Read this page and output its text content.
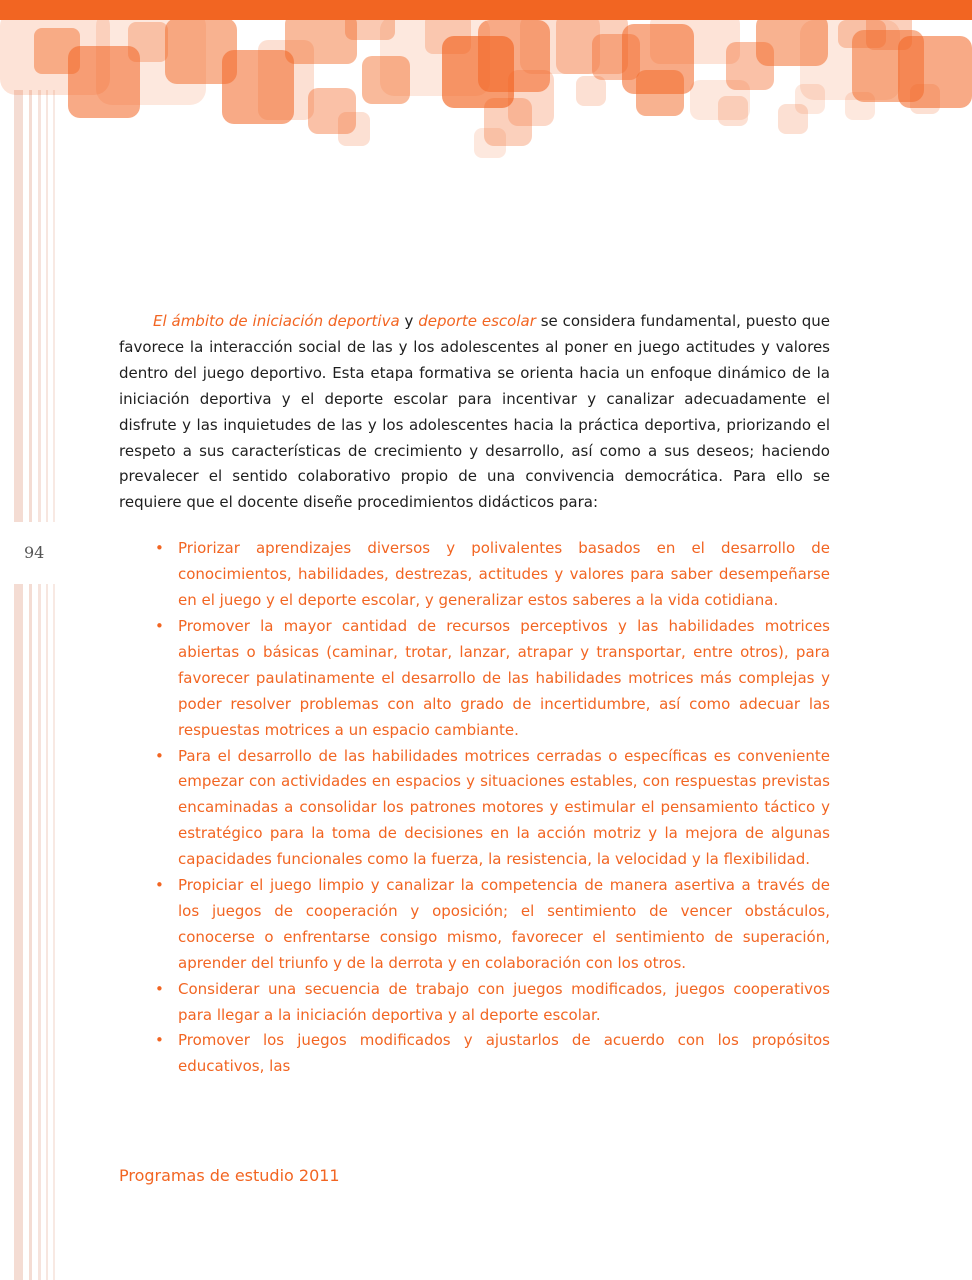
94

El ámbito de iniciación deportiva y deporte escolar se considera fundamental, puesto que favorece la interacción social de las y los adolescentes al poner en juego actitudes y valores dentro del juego deportivo. Esta etapa formativa se orienta hacia un enfoque dinámico de la iniciación deportiva y el deporte escolar para incentivar y canalizar adecuadamente el disfrute y las inquietudes de las y los adolescentes hacia la práctica deportiva, priorizando el respeto a sus características de crecimiento y desarrollo, así como a sus deseos; haciendo prevalecer el sentido colaborativo propio de una convivencia democrática. Para ello se requiere que el docente diseñe procedimientos didácticos para:

• Priorizar aprendizajes diversos y polivalentes basados en el desarrollo de conocimientos, habilidades, destrezas, actitudes y valores para saber desempeñarse en el juego y el deporte escolar, y generalizar estos saberes a la vida cotidiana.
• Promover la mayor cantidad de recursos perceptivos y las habilidades motrices abiertas o básicas (caminar, trotar, lanzar, atrapar y transportar, entre otros), para favorecer paulatinamente el desarrollo de las habilidades motrices más complejas y poder resolver problemas con alto grado de incertidumbre, así como adecuar las respuestas motrices a un espacio cambiante.
• Para el desarrollo de las habilidades motrices cerradas o específicas es conveniente empezar con actividades en espacios y situaciones estables, con respuestas previstas encaminadas a consolidar los patrones motores y estimular el pensamiento táctico y estratégico para la toma de decisiones en la acción motriz y la mejora de algunas capacidades funcionales como la fuerza, la resistencia, la velocidad y la flexibilidad.
• Propiciar el juego limpio y canalizar la competencia de manera asertiva a través de los juegos de cooperación y oposición; el sentimiento de vencer obstáculos, conocerse o enfrentarse consigo mismo, favorecer el sentimiento de superación, aprender del triunfo y de la derrota y en colaboración con los otros.
• Considerar una secuencia de trabajo con juegos modificados, juegos cooperativos para llegar a la iniciación deportiva y al deporte escolar.
• Promover los juegos modificados y ajustarlos de acuerdo con los propósitos educativos, las
Programas de estudio 2011
